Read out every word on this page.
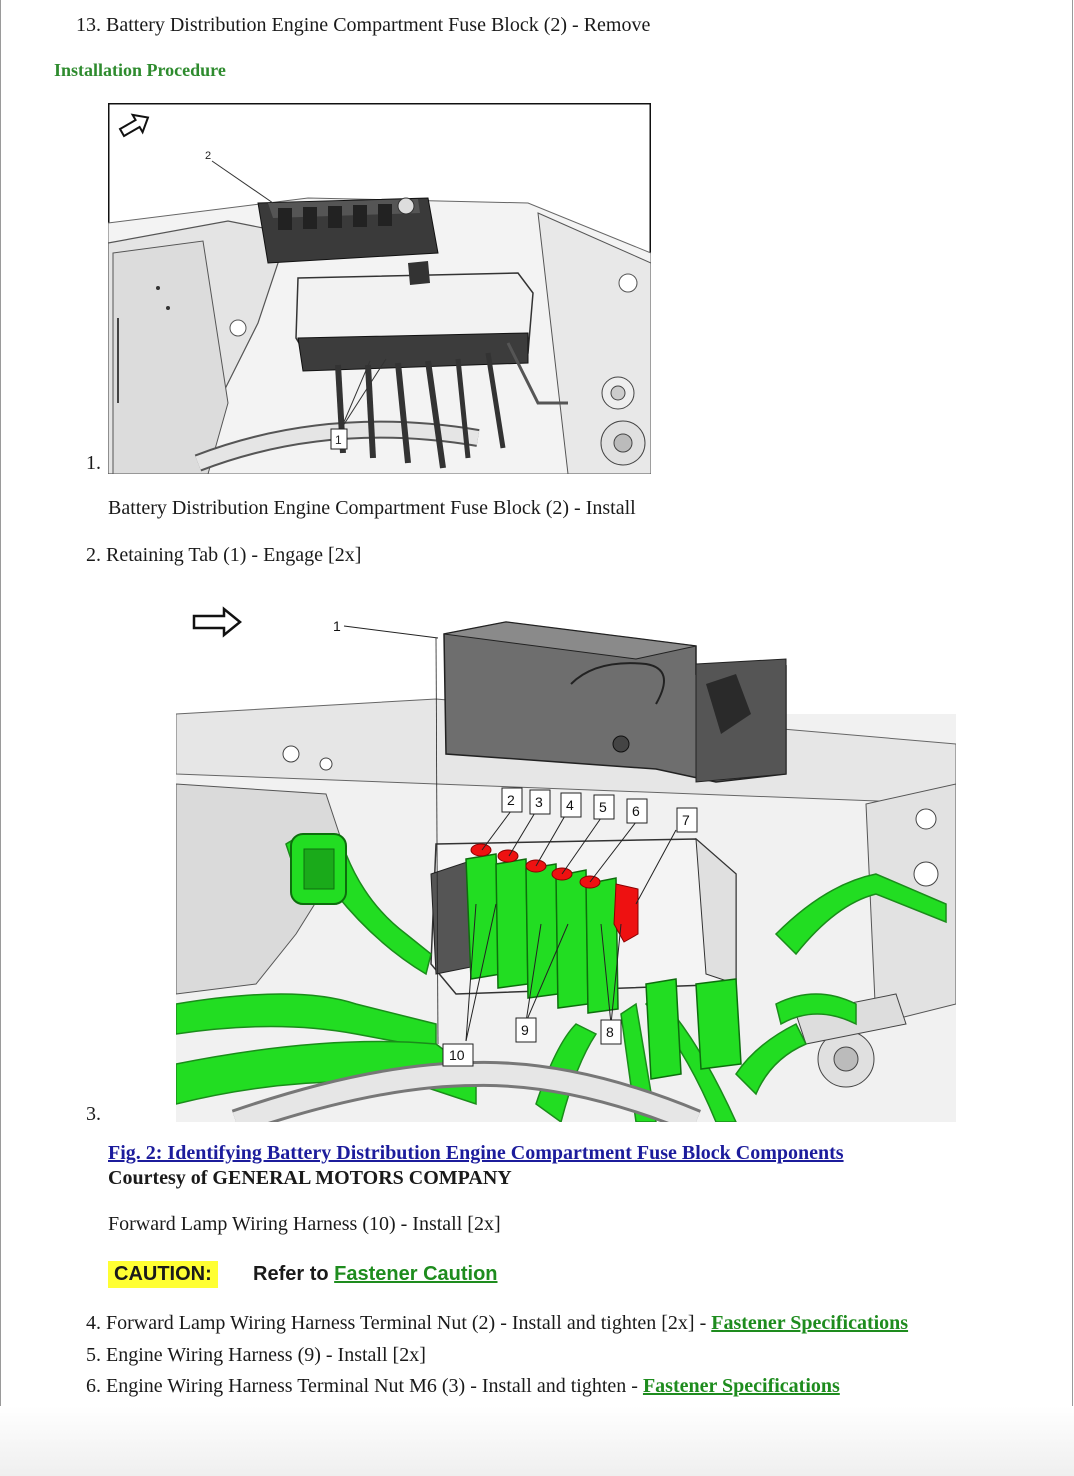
13. Battery Distribution Engine Compartment Fuse Block (2) - Remove
Installation Procedure
2
1
1.
Battery Distribution Engine Compartment Fuse Block (2) - Install
2. Retaining Tab (1) - Engage [2x]
1
2 3 4 5 6
7
8
9
10
3.
Fig. 2: Identifying Battery Distribution Engine Compartment Fuse Block Components
Courtesy of GENERAL MOTORS COMPANY
Forward Lamp Wiring Harness (10) - Install [2x]
CAUTION:	Refer to Fastener Caution
4. Forward Lamp Wiring Harness Terminal Nut (2) - Install and tighten [2x] - Fastener Specifications
5. Engine Wiring Harness (9) - Install [2x]
6. Engine Wiring Harness Terminal Nut M6 (3) - Install and tighten - Fastener Specifications
